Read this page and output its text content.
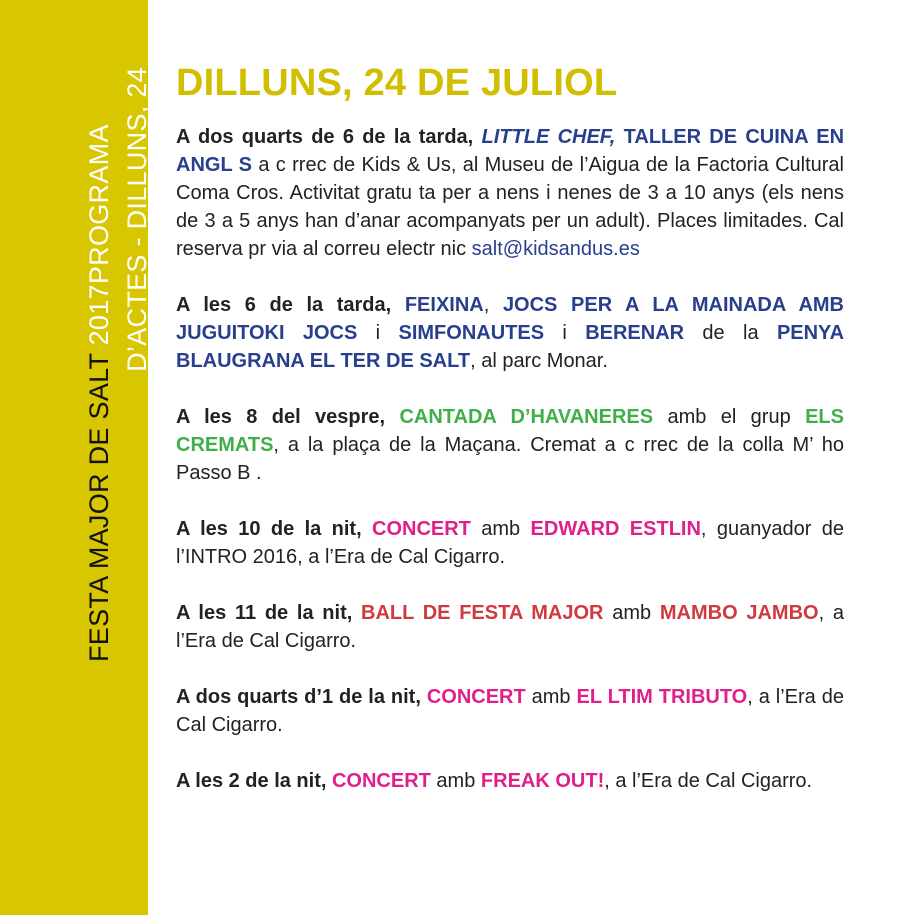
FESTA MAJOR DE SALT 2017PROGRAMA D’ACTES - DILLUNS, 24 DILLUNS, 24 DE JULIOL

A dos quarts de 6 de la tarda, LITTLE CHEF, TALLER DE CUINA EN ANGL S a c rrec de Kids & Us, al Museu de l’Aigua de la Factoria Cultural Coma Cros. Activitat gratu ta per a nens i nenes de 3 a 10 anys (els nens de 3 a 5 anys han d’anar acompanyats per un adult). Places limitades. Cal reserva pr via al correu electr nic salt@kidsandus.es

A les 6 de la tarda, FEIXINA, JOCS PER A LA MAINADA AMB JUGUITOKI JOCS i SIMFONAUTES i BERENAR de la PENYA BLAUGRANA EL TER DE SALT, al parc Monar.

A les 8 del vespre, CANTADA D’HAVANERES amb el grup ELS CREMATS, a la plaça de la Maçana. Cremat a c rrec de la colla M’ ho Passo B .

A les 10 de la nit, CONCERT amb EDWARD ESTLIN, guanyador de l’INTRO 2016, a l’Era de Cal Cigarro.

A les 11 de la nit, BALL DE FESTA MAJOR amb MAMBO JAMBO, a l’Era de Cal Cigarro.

A dos quarts d’1 de la nit, CONCERT amb EL LTIM TRIBUTO, a l’Era de Cal Cigarro.

A les 2 de la nit, CONCERT amb FREAK OUT!, a l’Era de Cal Cigarro.
